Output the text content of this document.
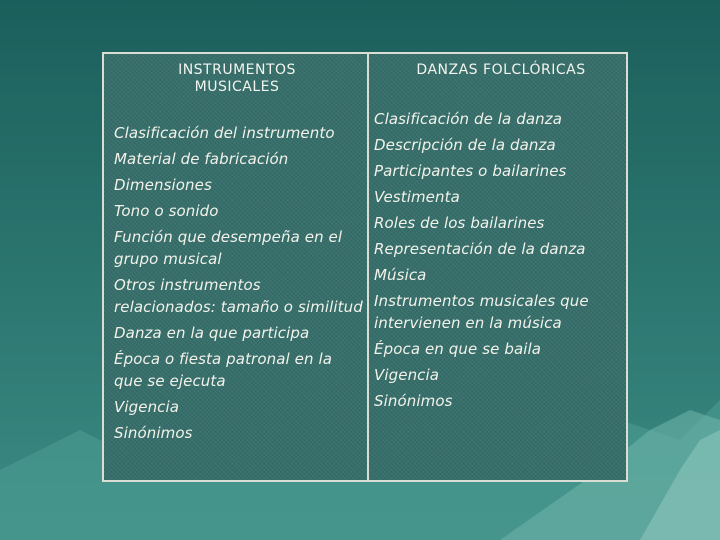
INSTRUMENTOS
MUSICALES
DANZAS FOLCLÓRICAS
Clasificación del instrumento
Material de fabricación
Dimensiones
Tono o sonido
Función que desempeña en el grupo musical
Otros instrumentos relacionados: tamaño o similitud
Danza en la que participa
Época o fiesta patronal en la que se ejecuta
Vigencia
Sinónimos
Clasificación de la danza
Descripción de la danza
Participantes o bailarines
Vestimenta
Roles de los bailarines
Representación de la danza
Música
Instrumentos musicales que intervienen en la música
Época en que se baila
Vigencia
Sinónimos
